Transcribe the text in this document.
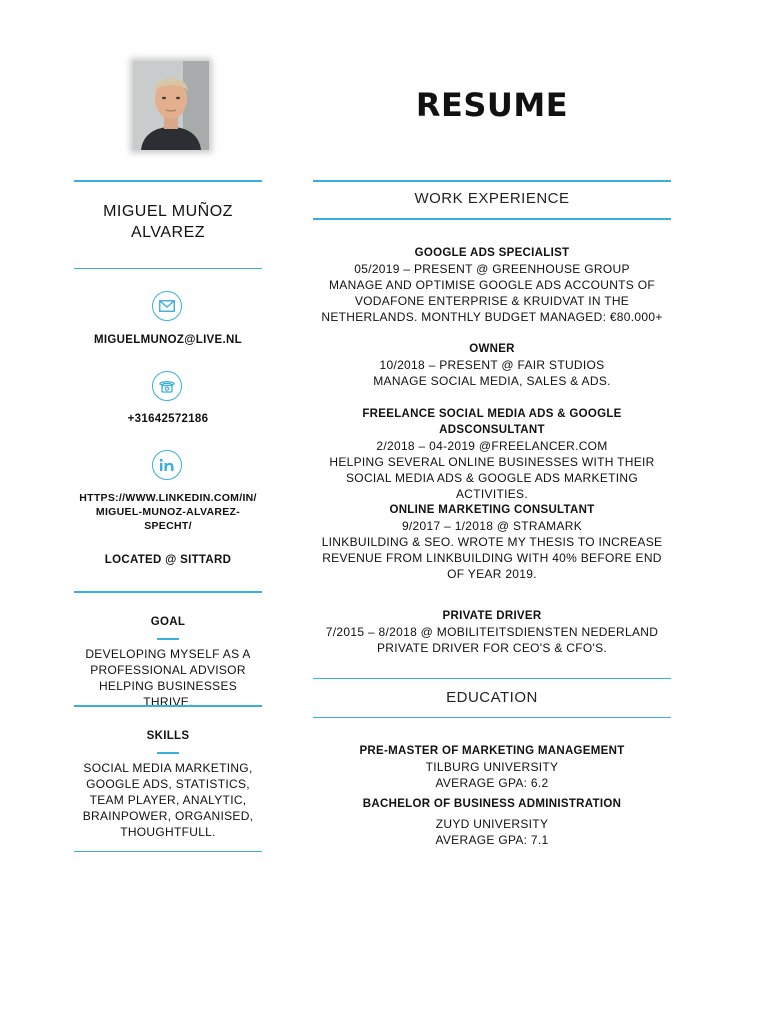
RESUME
MIGUEL MUÑOZ ALVAREZ
MIGUELMUNOZ@LIVE.NL
+31642572186
HTTPS://WWW.LINKEDIN.COM/IN/ MIGUEL-MUNOZ-ALVAREZ- SPECHT/
LOCATED @ SITTARD
GOAL
DEVELOPING MYSELF AS A PROFESSIONAL ADVISOR HELPING BUSINESSES THRIVE.
SKILLS
SOCIAL MEDIA MARKETING, GOOGLE ADS, STATISTICS, TEAM PLAYER, ANALYTIC, BRAINPOWER, ORGANISED, THOUGHTFULL.
WORK EXPERIENCE
GOOGLE ADS SPECIALIST
05/2019 – PRESENT @ GREENHOUSE GROUP
MANAGE AND OPTIMISE GOOGLE ADS ACCOUNTS OF VODAFONE ENTERPRISE & KRUIDVAT IN THE NETHERLANDS. MONTHLY BUDGET MANAGED: €80.000+
OWNER
10/2018 – PRESENT @ FAIR STUDIOS
MANAGE SOCIAL MEDIA, SALES & ADS.
FREELANCE SOCIAL MEDIA ADS & GOOGLE ADSCONSULTANT
2/2018 – 04-2019 @FREELANCER.COM
HELPING SEVERAL ONLINE BUSINESSES WITH THEIR SOCIAL MEDIA ADS & GOOGLE ADS MARKETING ACTIVITIES.
ONLINE MARKETING CONSULTANT
9/2017 – 1/2018 @ STRAMARK
LINKBUILDING & SEO. WROTE MY THESIS TO INCREASE REVENUE FROM LINKBUILDING WITH 40% BEFORE END OF YEAR 2019.
PRIVATE DRIVER
7/2015 – 8/2018 @ MOBILITEITSDIENSTEN NEDERLAND
PRIVATE DRIVER FOR CEO'S & CFO'S.
EDUCATION
PRE-MASTER OF MARKETING MANAGEMENT
TILBURG UNIVERSITY
AVERAGE GPA: 6.2
BACHELOR OF BUSINESS ADMINISTRATION
ZUYD UNIVERSITY
AVERAGE GPA: 7.1
